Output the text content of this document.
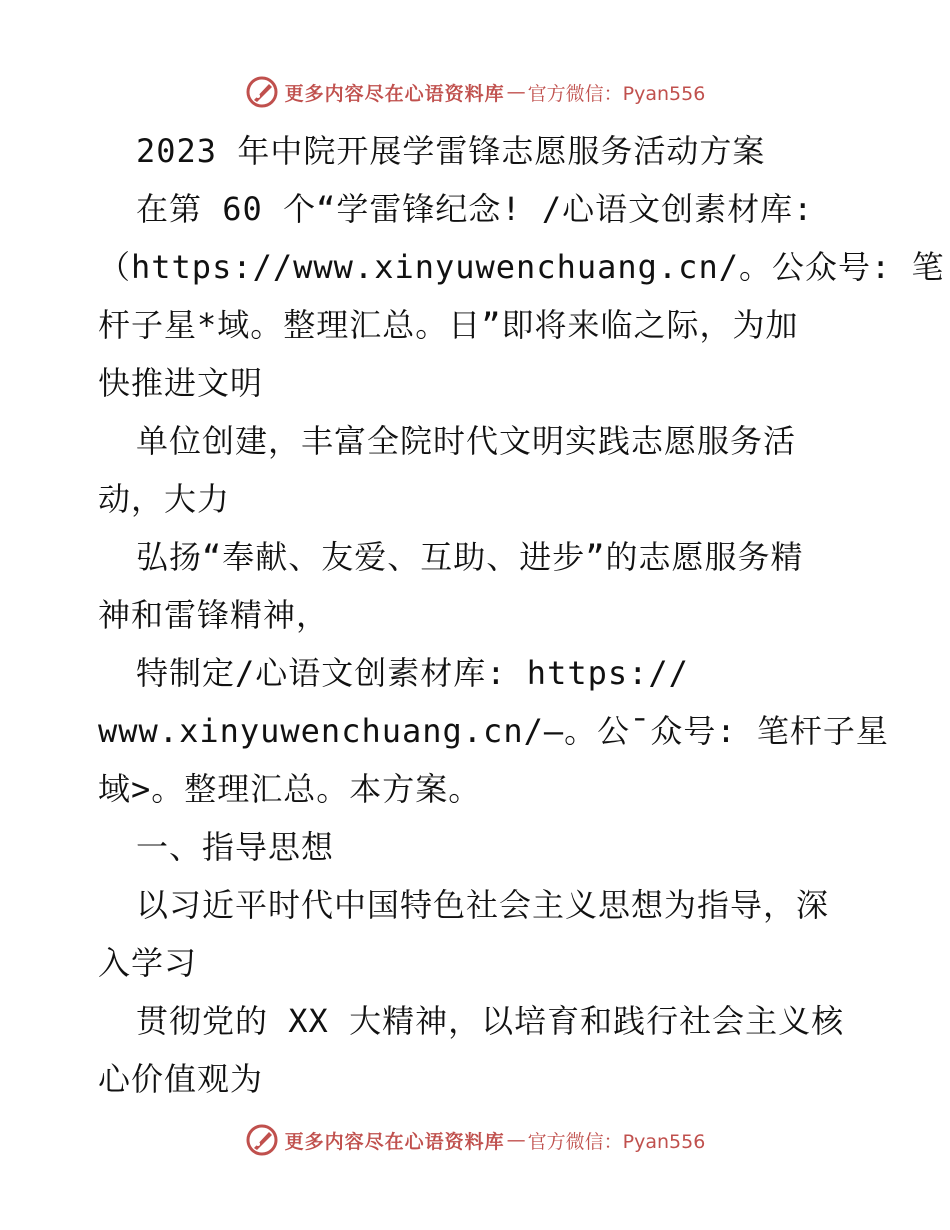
更多内容尽在心语资料库 — 官方微信：Pyan556
2023 年中院开展学雷锋志愿服务活动方案
在第 60 个“学雷锋纪念! /心语文创素材库:
（https://www.xinyuwenchuang.cn/。公众号: 笔
杆子星*域。整理汇总。日”即将来临之际，为加
快推进文明
单位创建，丰富全院时代文明实践志愿服务活
动，大力
弘扬“奉献、友爱、互助、进步”的志愿服务精
神和雷锋精神，
特制定/心语文创素材库: https://
www.xinyuwenchuang.cn/—。公¯众号: 笔杆子星
域>。整理汇总。本方案。
一、指导思想
以习近平时代中国特色社会主义思想为指导，深
入学习
贯彻党的 XX 大精神，以培育和践行社会主义核
心价值观为
更多内容尽在心语资料库 — 官方微信：Pyan556
